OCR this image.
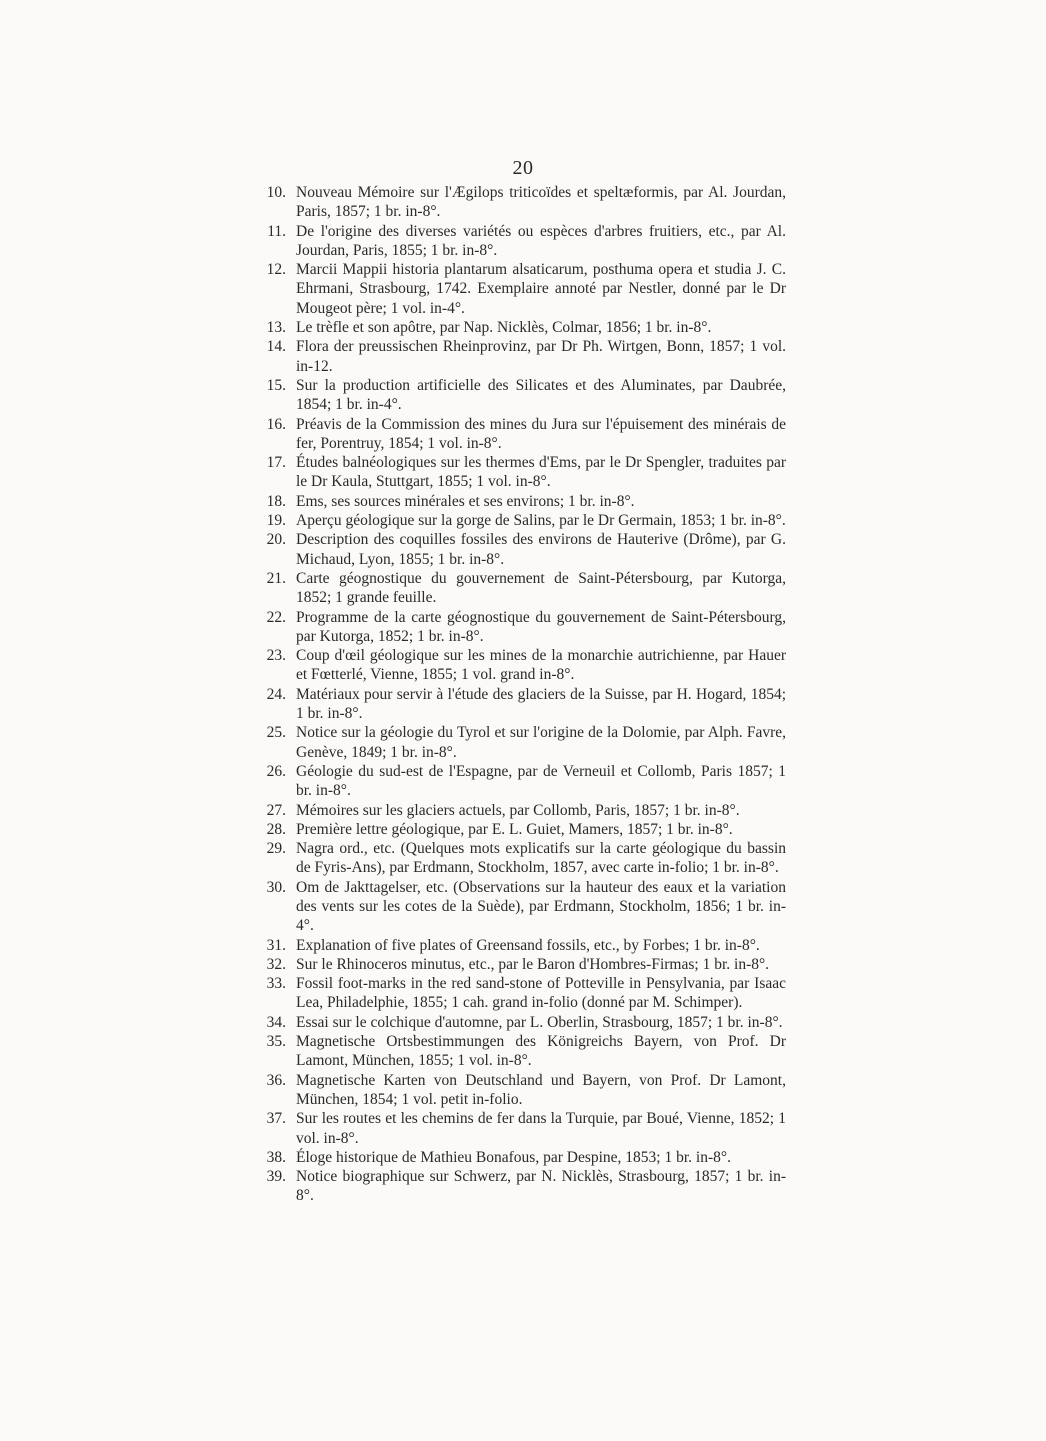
20
10. Nouveau Mémoire sur l'Ægilops triticoïdes et speltæformis, par Al. Jourdan, Paris, 1857; 1 br. in-8°.

11. De l'origine des diverses variétés ou espèces d'arbres fruitiers, etc., par Al. Jourdan, Paris, 1855; 1 br. in-8°.

12. Marcii Mappii historia plantarum alsaticarum, posthuma opera et studia J. C. Ehrmani, Strasbourg, 1742. Exemplaire annoté par Nestler, donné par le Dr Mougeot père; 1 vol. in-4°.

13. Le trèfle et son apôtre, par Nap. Nicklès, Colmar, 1856; 1 br. in-8°.

14. Flora der preussischen Rheinprovinz, par Dr Ph. Wirtgen, Bonn, 1857; 1 vol. in-12.

15. Sur la production artificielle des Silicates et des Aluminates, par Daubrée, 1854; 1 br. in-4°.

16. Préavis de la Commission des mines du Jura sur l'épuisement des minérais de fer, Porentruy, 1854; 1 vol. in-8°.

17. Études balnéologiques sur les thermes d'Ems, par le Dr Spengler, traduites par le Dr Kaula, Stuttgart, 1855; 1 vol. in-8°.

18. Ems, ses sources minérales et ses environs; 1 br. in-8°.

19. Aperçu géologique sur la gorge de Salins, par le Dr Germain, 1853; 1 br. in-8°.

20. Description des coquilles fossiles des environs de Hauterive (Drôme), par G. Michaud, Lyon, 1855; 1 br. in-8°.

21. Carte géognostique du gouvernement de Saint-Pétersbourg, par Kutorga, 1852; 1 grande feuille.

22. Programme de la carte géognostique du gouvernement de Saint-Pétersbourg, par Kutorga, 1852; 1 br. in-8°.

23. Coup d'œil géologique sur les mines de la monarchie autrichienne, par Hauer et Fœtterlé, Vienne, 1855; 1 vol. grand in-8°.

24. Matériaux pour servir à l'étude des glaciers de la Suisse, par H. Hogard, 1854; 1 br. in-8°.

25. Notice sur la géologie du Tyrol et sur l'origine de la Dolomie, par Alph. Favre, Genève, 1849; 1 br. in-8°.

26. Géologie du sud-est de l'Espagne, par de Verneuil et Collomb, Paris 1857; 1 br. in-8°.

27. Mémoires sur les glaciers actuels, par Collomb, Paris, 1857; 1 br. in-8°.

28. Première lettre géologique, par E. L. Guiet, Mamers, 1857; 1 br. in-8°.

29. Nagra ord., etc. (Quelques mots explicatifs sur la carte géologique du bassin de Fyris-Ans), par Erdmann, Stockholm, 1857, avec carte in-folio; 1 br. in-8°.

30. Om de Jakttagelser, etc. (Observations sur la hauteur des eaux et la variation des vents sur les cotes de la Suède), par Erdmann, Stockholm, 1856; 1 br. in-4°.

31. Explanation of five plates of Greensand fossils, etc., by Forbes; 1 br. in-8°.

32. Sur le Rhinoceros minutus, etc., par le Baron d'Hombres-Firmas; 1 br. in-8°.

33. Fossil foot-marks in the red sand-stone of Potteville in Pensylvania, par Isaac Lea, Philadelphie, 1855; 1 cah. grand in-folio (donné par M. Schimper).

34. Essai sur le colchique d'automne, par L. Oberlin, Strasbourg, 1857; 1 br. in-8°.

35. Magnetische Ortsbestimmungen des Königreichs Bayern, von Prof. Dr Lamont, München, 1855; 1 vol. in-8°.

36. Magnetische Karten von Deutschland und Bayern, von Prof. Dr Lamont, München, 1854; 1 vol. petit in-folio.

37. Sur les routes et les chemins de fer dans la Turquie, par Boué, Vienne, 1852; 1 vol. in-8°.

38. Éloge historique de Mathieu Bonafous, par Despine, 1853; 1 br. in-8°.

39. Notice biographique sur Schwerz, par N. Nicklès, Strasbourg, 1857; 1 br. in-8°.
